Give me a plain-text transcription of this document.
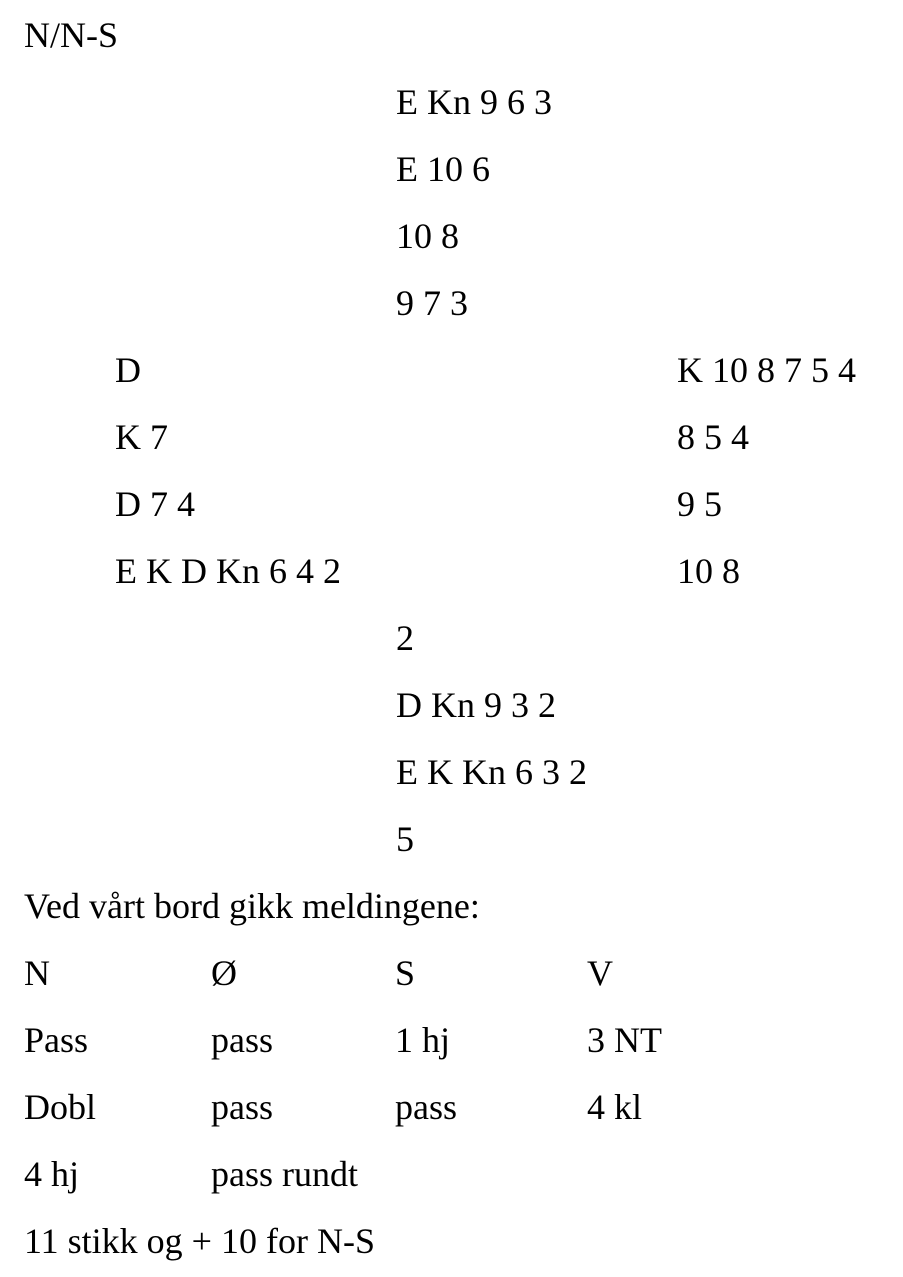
N/N-S
E Kn 9 6 3
E 10 6
10 8
9 7 3
D	K 10 8 7 5 4
K 7	8 5 4
D 7 4	9 5
E K D Kn 6 4 2	10 8
2
D Kn 9 3 2
E K Kn 6 3 2
5
Ved vårt bord gikk meldingene:
N	Ø	S	V
Pass	pass	1 hj	3 NT
Dobl	pass	pass	4 kl
4 hj	pass rundt
11 stikk og + 10 for N-S
